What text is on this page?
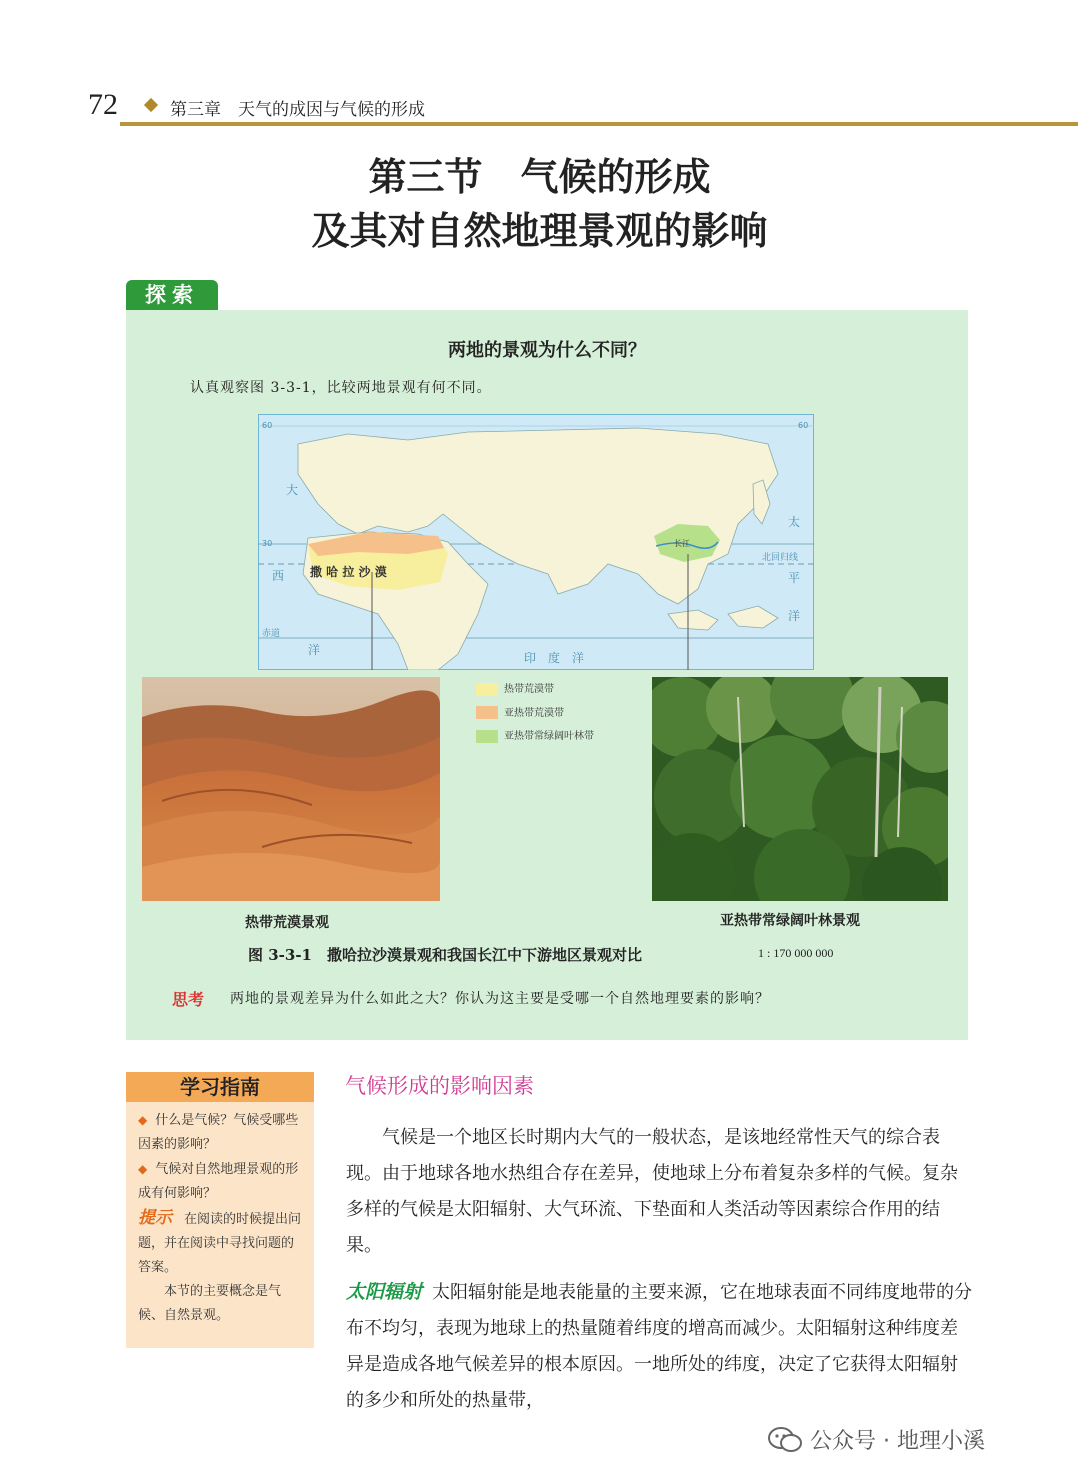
72	第三章　天气的成因与气候的形成
第三节　气候的形成
及其对自然地理景观的影响
探索
两地的景观为什么不同？
认真观察图 3-3-1，比较两地景观有何不同。
60	60
30
北回归线
赤道
撒 哈 拉 沙 漠
长江
大
西
洋
太
平
洋
印　度　洋
热带荒漠带
亚热带荒漠带
亚热带常绿阔叶林带
热带荒漠景观	亚热带常绿阔叶林景观
图 3-3-1　撒哈拉沙漠景观和我国长江中下游地区景观对比	1 : 170 000 000
思考 两地的景观差异为什么如此之大？你认为这主要是受哪一个自然地理要素的影响？
学习指南
◆ 什么是气候？气候受哪些因素的影响？
◆ 气候对自然地理景观的形成有何影响？
提示 在阅读的时候提出问题，并在阅读中寻找问题的答案。
本节的主要概念是气候、自然景观。
气候形成的影响因素
气候是一个地区长时期内大气的一般状态，是该地经常性天气的综合表现。由于地球各地水热组合存在差异，使地球上分布着复杂多样的气候。复杂多样的气候是太阳辐射、大气环流、下垫面和人类活动等因素综合作用的结果。
太阳辐射 太阳辐射能是地表能量的主要来源，它在地球表面不同纬度地带的分布不均匀，表现为地球上的热量随着纬度的增高而减少。太阳辐射这种纬度差异是造成各地气候差异的根本原因。一地所处的纬度，决定了它获得太阳辐射的多少和所处的热量带，
公众号 · 地理小溪
